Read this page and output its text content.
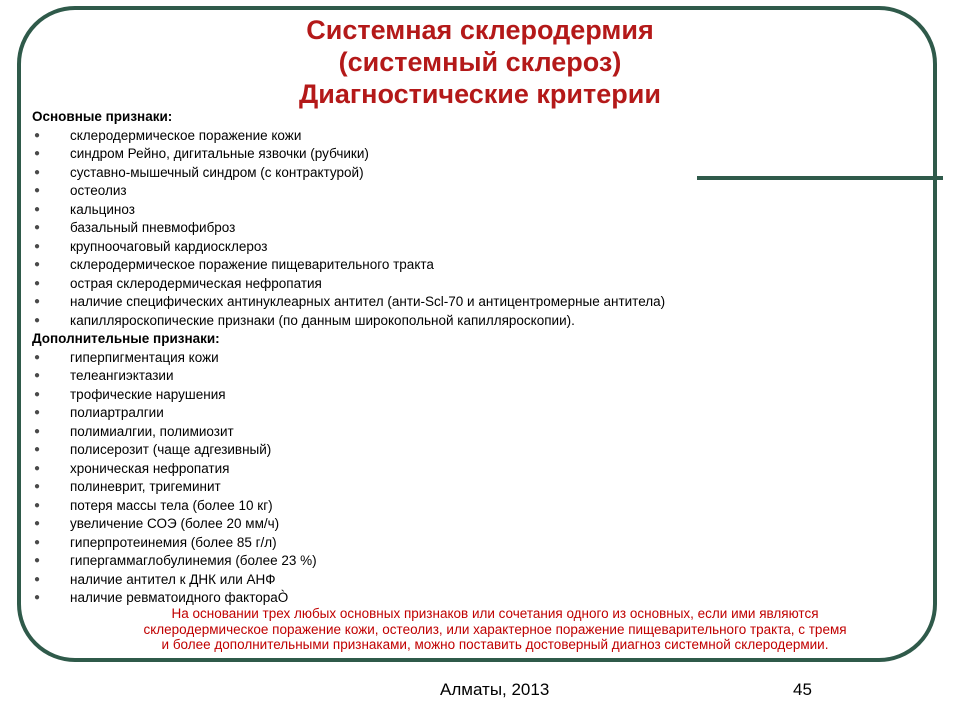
Системная склеродермия
(системный склероз)
Диагностические критерии
Основные признаки:
● склеродермическое поражение кожи
● синдром Рейно, дигитальные язвочки (рубчики)
● суставно-мышечный синдром (с контрактурой)
● остеолиз
● кальциноз
● базальный пневмофиброз
● крупноочаговый кардиосклероз
● склеродермическое поражение пищеварительного тракта
● острая склеродермическая нефропатия
● наличие специфических антинуклеарных антител (анти-Scl-70 и антицентромерные антитела)
● капилляроскопические признаки (по данным широкопольной капилляроскопии).
Дополнительные признаки:
● гиперпигментация кожи
● телеангиэктазии
● трофические нарушения
● полиартралгии
● полимиалгии, полимиозит
● полисерозит (чаще адгезивный)
● хроническая нефропатия
● полиневрит, тригеминит
● потеря массы тела (более 10 кг)
● увеличение СОЭ (более 20 мм/ч)
● гиперпротеинемия (более 85 г/л)
● гипергаммаглобулинемия (более 23 %)
● наличие антител к ДНК или АНФ
● наличие ревматоидного фактораÒ
На основании трех любых основных признаков или сочетания одного из основных, если ими являются
склеродермическое поражение кожи, остеолиз, или характерное поражение пищеварительного тракта, с тремя
и более дополнительными признаками, можно поставить достоверный диагноз системной склеродермии.
Алматы, 2013	45
